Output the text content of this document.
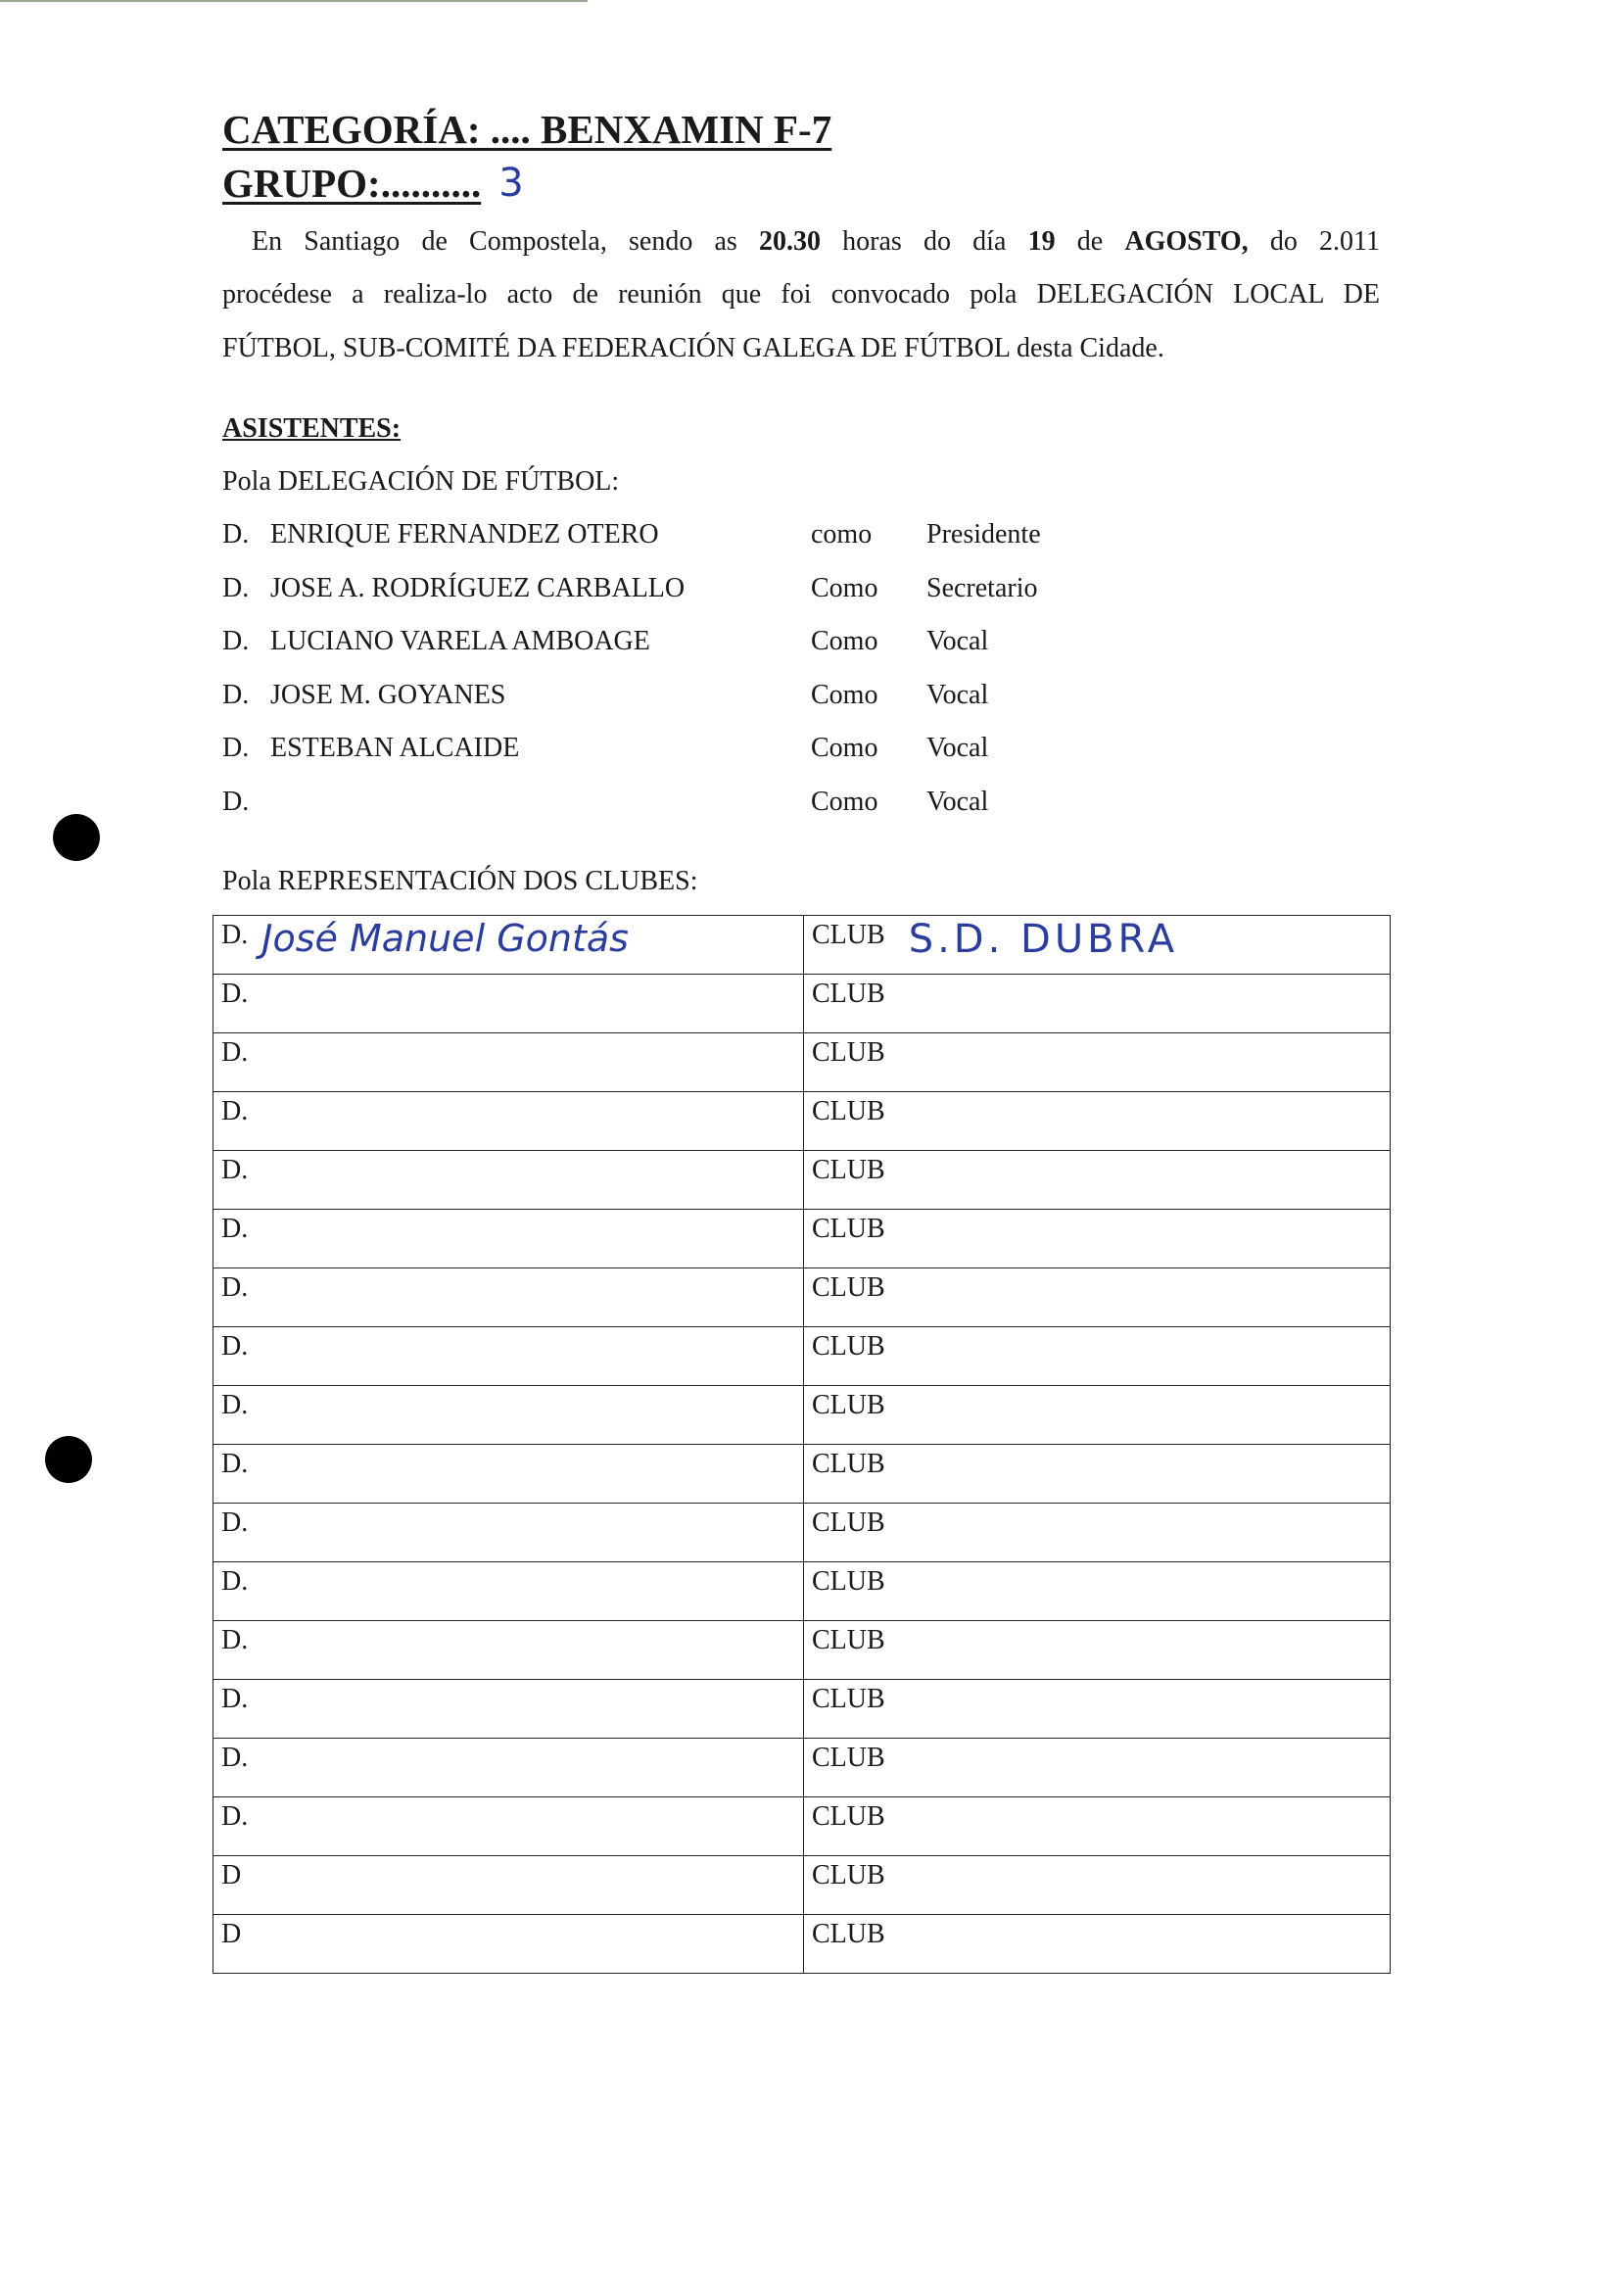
CATEGORÍA: .... BENXAMIN F-7
GRUPO:.......... 3
En Santiago de Compostela, sendo as 20.30 horas do día 19 de AGOSTO, do 2.011
procédese a realiza-lo acto de reunión que foi convocado pola DELEGACIÓN LOCAL DE
FÚTBOL, SUB-COMITÉ DA FEDERACIÓN GALEGA DE FÚTBOL desta Cidade.
ASISTENTES:
Pola DELEGACIÓN DE FÚTBOL:
D. ENRIQUE FERNANDEZ OTERO	como Presidente
D. JOSE A. RODRÍGUEZ CARBALLO	Como Secretario
D. LUCIANO VARELA AMBOAGE	Como Vocal
D. JOSE M. GOYANES	Como Vocal
D. ESTEBAN ALCAIDE	Como Vocal
D.	Como Vocal
Pola REPRESENTACIÓN DOS CLUBES:
D. José Manuel Gontás	CLUB S.D. DUBRA
D.	CLUB
D.	CLUB
D.	CLUB
D.	CLUB
D.	CLUB
D.	CLUB
D.	CLUB
D.	CLUB
D.	CLUB
D.	CLUB
D.	CLUB
D.	CLUB
D.	CLUB
D.	CLUB
D.	CLUB
D	CLUB
D	CLUB
